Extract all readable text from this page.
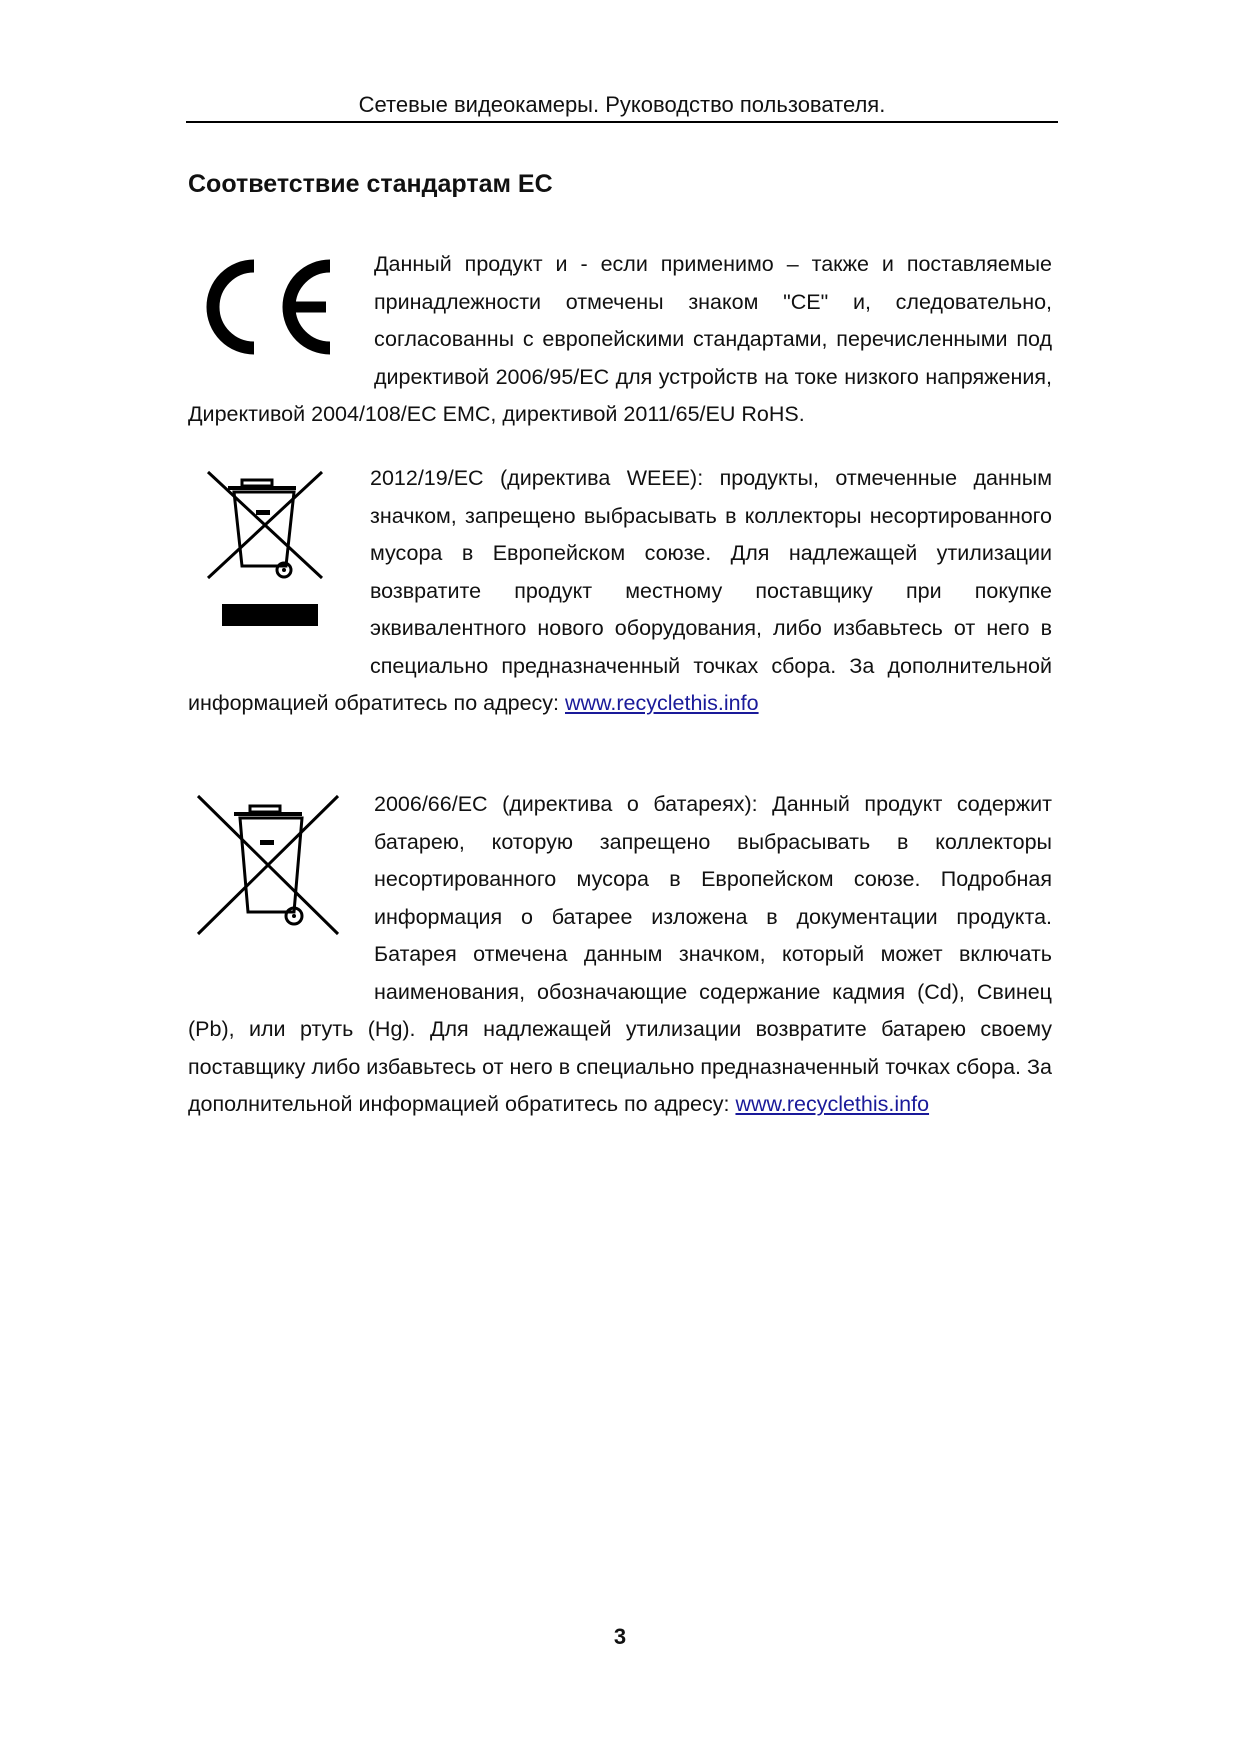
Сетевые видеокамеры. Руководство пользователя.
Соответствие стандартам ЕС

Данный продукт и - если применимо – также и поставляемые принадлежности отмечены знаком "CE" и, следовательно, согласованны с европейскими стандартами, перечисленными под директивой 2006/95/EC для устройств на токе низкого напряжения, Директивой 2004/108/EC EMC, директивой 2011/65/EU RoHS.

2012/19/EC (директива WEEE): продукты, отмеченные данным значком, запрещено выбрасывать в коллекторы несортированного мусора в Европейском союзе. Для надлежащей утилизации возвратите продукт местному поставщику при покупке эквивалентного нового оборудования, либо избавьтесь от него в специально предназначенный точках сбора. За дополнительной информацией обратитесь по адресу: www.recyclethis.info

2006/66/EC (директива о батареях): Данный продукт содержит батарею, которую запрещено выбрасывать в коллекторы несортированного мусора в Европейском союзе. Подробная информация о батарее изложена в документации продукта. Батарея отмечена данным значком, который может включать наименования, обозначающие содержание кадмия (Cd), Свинец (Pb), или ртуть (Hg). Для надлежащей утилизации возвратите батарею своему поставщику либо избавьтесь от него в специально предназначенный точках сбора. За дополнительной информацией обратитесь по адресу: www.recyclethis.info

3
